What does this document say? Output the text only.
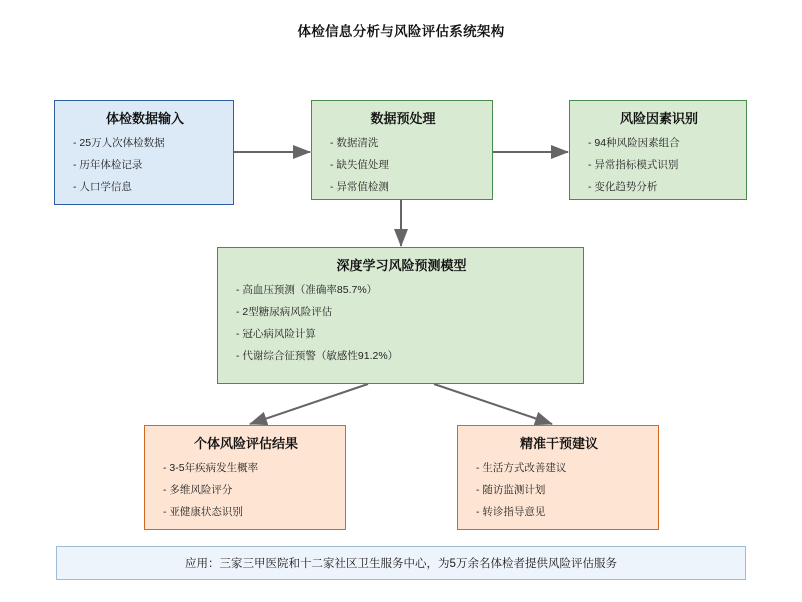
体检信息分析与风险评估系统架构
体检数据输入
- 25万人次体检数据
- 历年体检记录
- 人口学信息
数据预处理
- 数据清洗
- 缺失值处理
- 异常值检测
风险因素识别
- 94种风险因素组合
- 异常指标模式识别
- 变化趋势分析
深度学习风险预测模型
- 高血压预测（准确率85.7%）
- 2型糖尿病风险评估
- 冠心病风险计算
- 代谢综合征预警（敏感性91.2%）
个体风险评估结果
- 3-5年疾病发生概率
- 多维风险评分
- 亚健康状态识别
精准干预建议
- 生活方式改善建议
- 随访监测计划
- 转诊指导意见
应用：三家三甲医院和十二家社区卫生服务中心，为5万余名体检者提供风险评估服务
